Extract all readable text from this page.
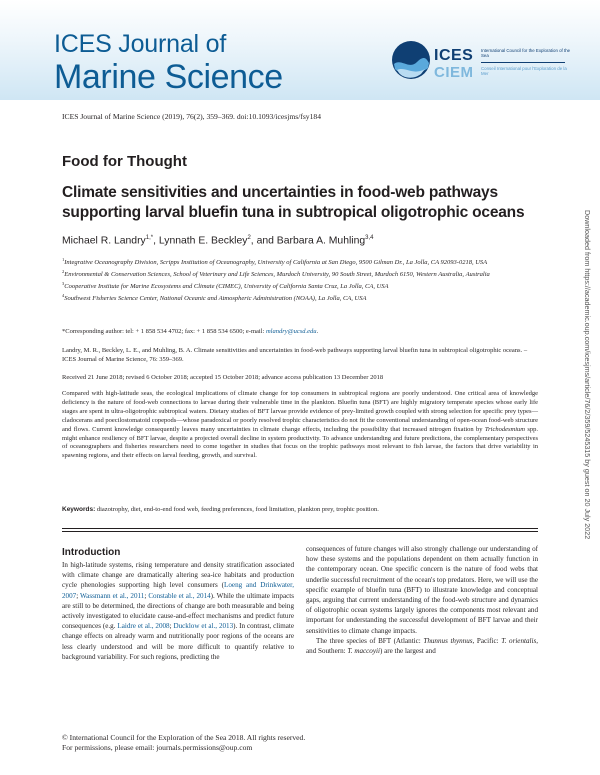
ICES Journal of
Marine Science
ICES
CIEM
International Council for the Exploration of the Sea
Conseil International pour l'Exploration de la Mer
ICES Journal of Marine Science (2019), 76(2), 359–369. doi:10.1093/icesjms/fsy184
Food for Thought
Climate sensitivities and uncertainties in food-web pathways supporting larval bluefin tuna in subtropical oligotrophic oceans
Michael R. Landry$^{1,*}$, Lynnath E. Beckley$^2$, and Barbara A. Muhling$^{3,4}$
$^1$Integrative Oceanography Division, Scripps Institution of Oceanography, University of California at San Diego, 9500 Gilman Dr., La Jolla, CA 92093-0218, USA
$^2$Environmental & Conservation Sciences, School of Veterinary and Life Sciences, Murdoch University, 90 South Street, Murdoch 6150, Western Australia, Australia
$^3$Cooperative Institute for Marine Ecosystems and Climate (CIMEC), University of California Santa Cruz, La Jolla, CA, USA
$^4$Southwest Fisheries Science Center, National Oceanic and Atmospheric Administration (NOAA), La Jolla, CA, USA
*Corresponding author: tel: + 1 858 534 4702; fax: + 1 858 534 6500; e-mail: mlandry@ucsd.edu.
Landry, M. R., Beckley, L. E., and Muhling, B. A. Climate sensitivities and uncertainties in food-web pathways supporting larval bluefin tuna in subtropical oligotrophic oceans. – ICES Journal of Marine Science, 76: 359–369.
Received 21 June 2018; revised 6 October 2018; accepted 15 October 2018; advance access publication 13 December 2018
Compared with high-latitude seas, the ecological implications of climate change for top consumers in subtropical regions are poorly understood. One critical area of knowledge deficiency is the nature of food-web connections to larvae during their vulnerable time in the plankton. Bluefin tuna (BFT) are highly migratory temperate species whose early life stages are spent in ultra-oligotrophic subtropical waters. Dietary studies of BFT larvae provide evidence of prey-limited growth coupled with strong selection for specific prey types—cladocerans and poecilostomatoid copepods—whose paradoxical or poorly resolved trophic characteristics do not fit the conventional understanding of open-ocean food-web structure and flows. Current knowledge consequently leaves many uncertainties in climate change effects, including the possibility that increased nitrogen fixation by Trichodesmium spp. might enhance resiliency of BFT larvae, despite a projected overall decline in system productivity. To advance understanding and future predictions, the complementary perspectives of oceanographers and fisheries researchers need to come together in studies that focus on the trophic pathways most relevant to fish larvae, the factors that drive variability in spawning regions, and their effects on larval feeding, growth, and survival.
Keywords: diazotrophy, diet, end-to-end food web, feeding preferences, food limitation, plankton prey, trophic position.
Introduction

In high-latitude systems, rising temperature and density stratification associated with climate change are dramatically altering sea-ice habitats and production cycle phenologies supporting high level consumers (Loeng and Drinkwater, 2007; Wassmann et al., 2011; Constable et al., 2014). While the ultimate impacts are still to be determined, the directions of change are both measurable and being actively investigated to elucidate cause-and-effect mechanisms and predict future consequences (e.g. Laidre et al., 2008; Ducklow et al., 2013). In contrast, climate change effects on already warm and nutritionally poor regions of the oceans are less clearly understood and will be more difficult to quantify relative to background variability. For such regions, predicting the

consequences of future changes will also strongly challenge our understanding of how these systems and the populations dependent on them actually function in the contemporary ocean. One specific concern is the nature of food webs that underlie successful recruitment of the ocean's top predators. Here, we will use the specific example of bluefin tuna (BFT) to illustrate knowledge and conceptual gaps, arguing that current understanding of the food-web structure and dynamics of oligotrophic ocean systems largely ignores the components most relevant and important for understanding the successful development of BFT larvae and their sensitivities to climate change impacts.

The three species of BFT (Atlantic: Thunnus thynnus, Pacific: T. orientalis, and Southern: T. maccoyii) are the largest and

© International Council for the Exploration of the Sea 2018. All rights reserved.
For permissions, please email: journals.permissions@oup.com
Downloaded from https://academic.oup.com/icesjms/article/76/2/359/5245315 by guest on 20 July 2022
